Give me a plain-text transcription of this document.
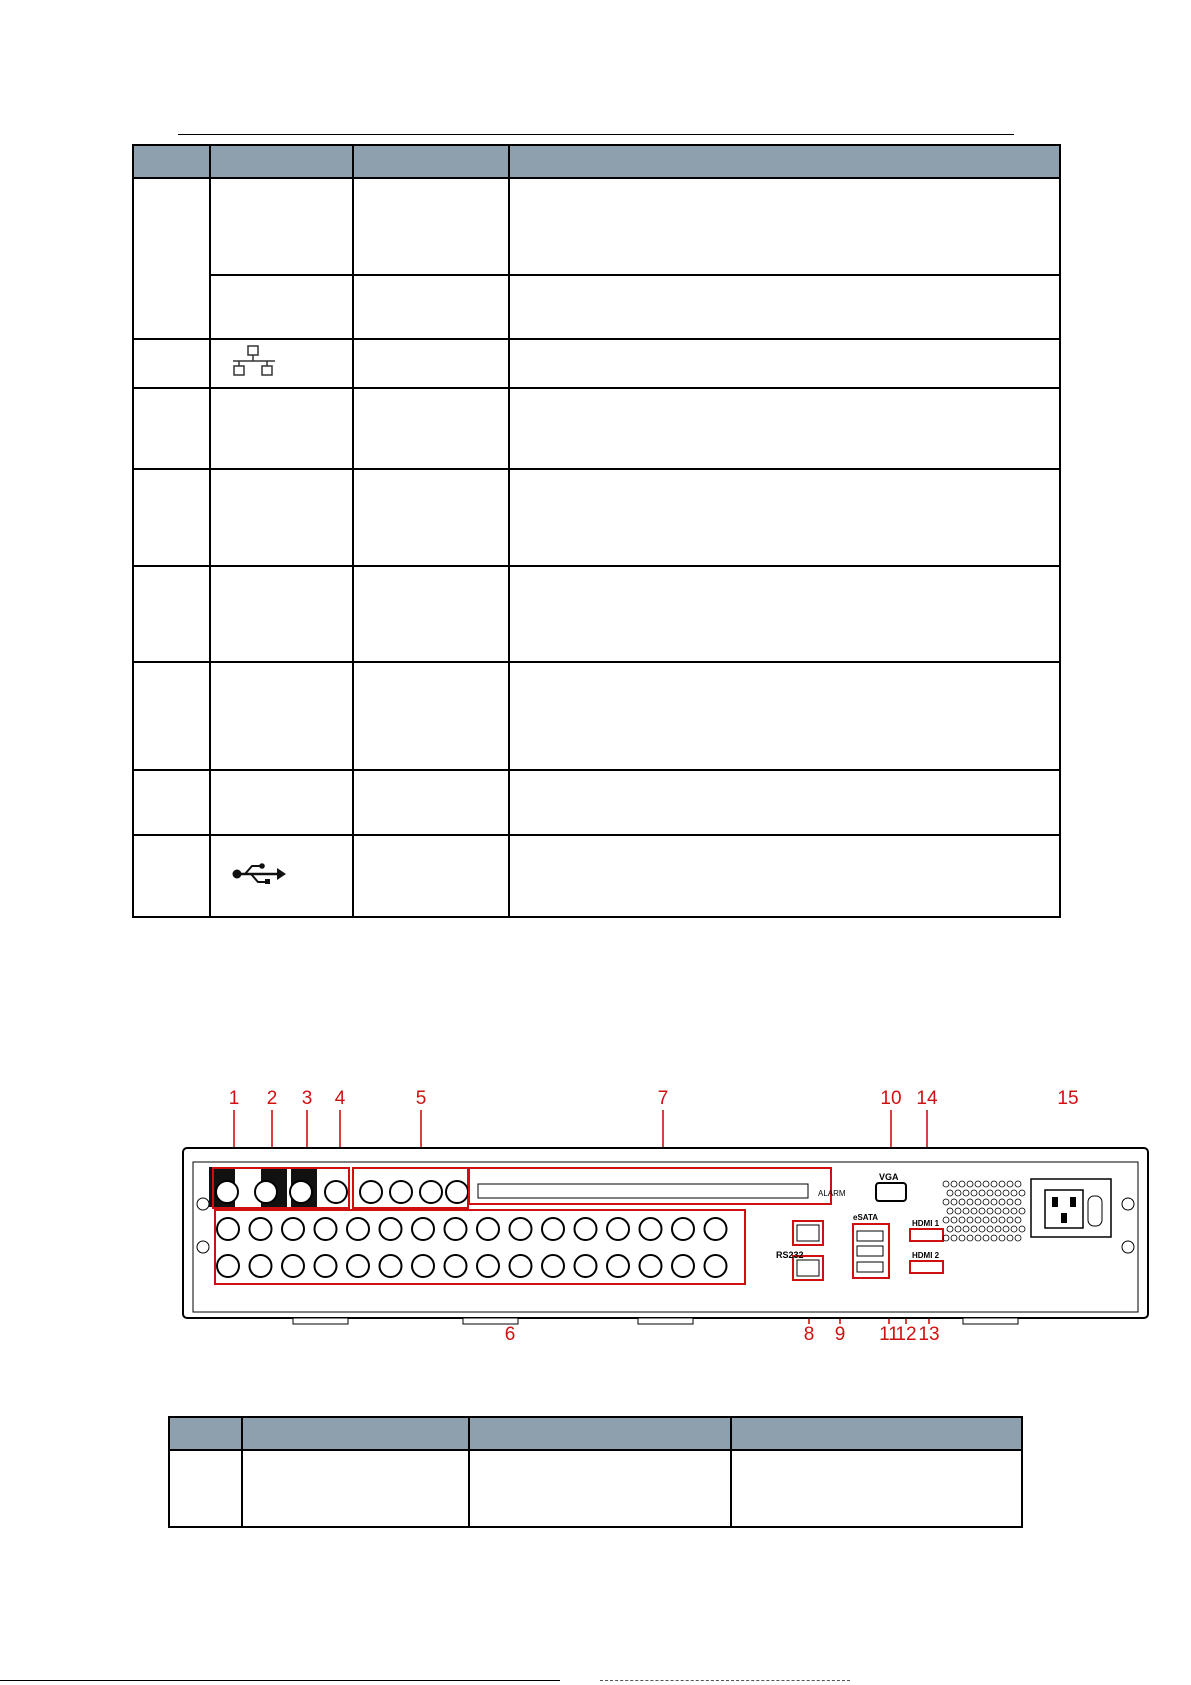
1 2 3 4	5
6
7
8 9
10
11
12 13
14	15
ALARM
RS232
eSATA
VGA
HDMI 1
HDMI 2
